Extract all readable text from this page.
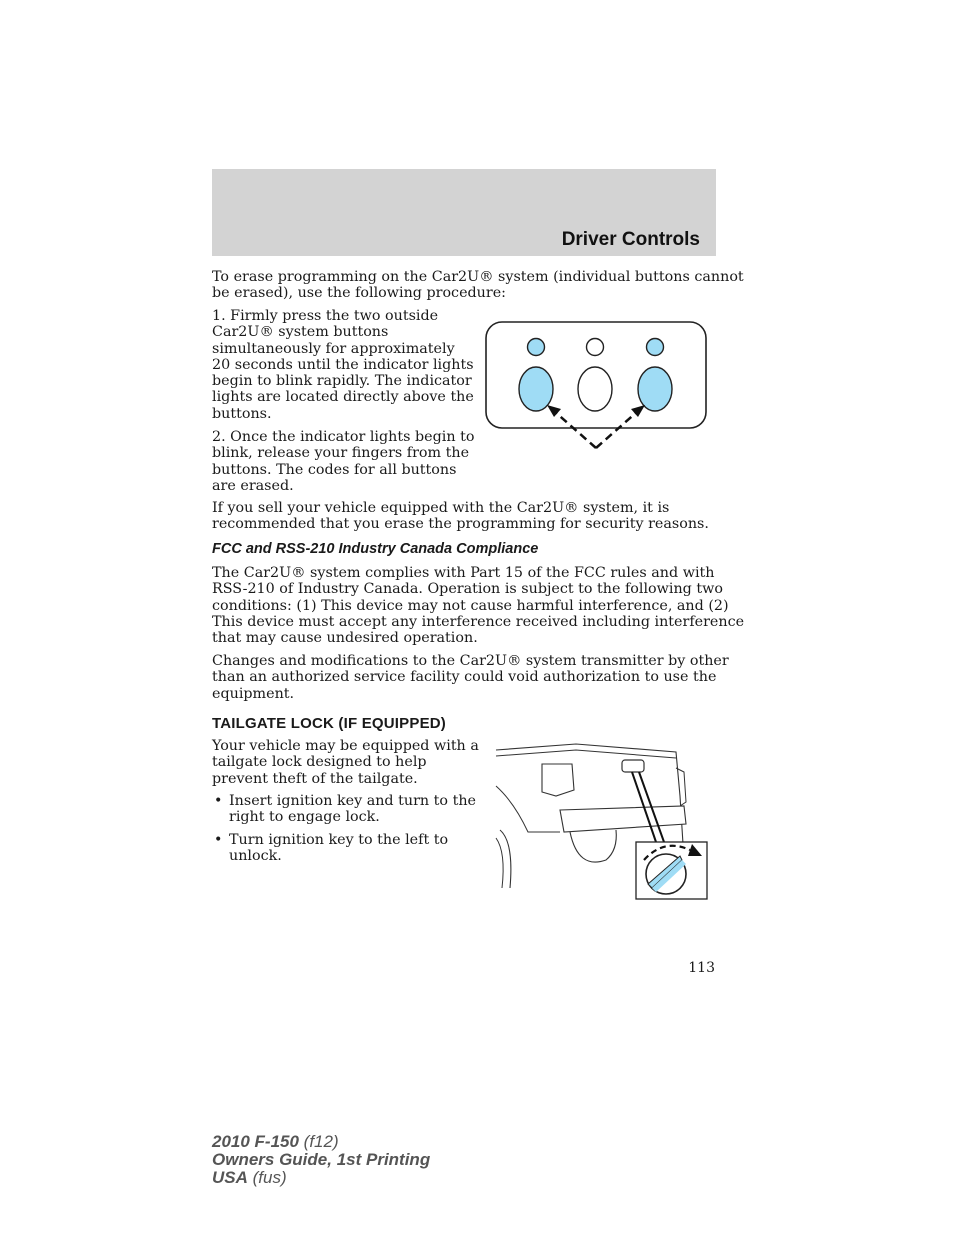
Driver Controls

To erase programming on the Car2U® system (individual buttons cannot

be erased), use the following procedure:

1. Firmly press the two outside
Car2U® system buttons
simultaneously for approximately
20 seconds until the indicator lights
begin to blink rapidly. The indicator
lights are located directly above the
buttons.
2. Once the indicator lights begin to
blink, release your fingers from the
buttons. The codes for all buttons
are erased.

If you sell your vehicle equipped with the Car2U® system, it is

recommended that you erase the programming for security reasons.

FCC and RSS-210 Industry Canada Compliance

The Car2U® system complies with Part 15 of the FCC rules and with
RSS-210 of Industry Canada. Operation is subject to the following two
conditions: (1) This device may not cause harmful interference, and (2)
This device must accept any interference received including interference
that may cause undesired operation.
Changes and modifications to the Car2U® system transmitter by other
than an authorized service facility could void authorization to use the
equipment.

TAILGATE LOCK (IF EQUIPPED)

Your vehicle may be equipped with a
tailgate lock designed to help
prevent theft of the tailgate.
• Insert ignition key and turn to the
right to engage lock.
• Turn ignition key to the left to
unlock.
113
2010 F-150 (f12)
Owners Guide, 1st Printing
USA (fus)
